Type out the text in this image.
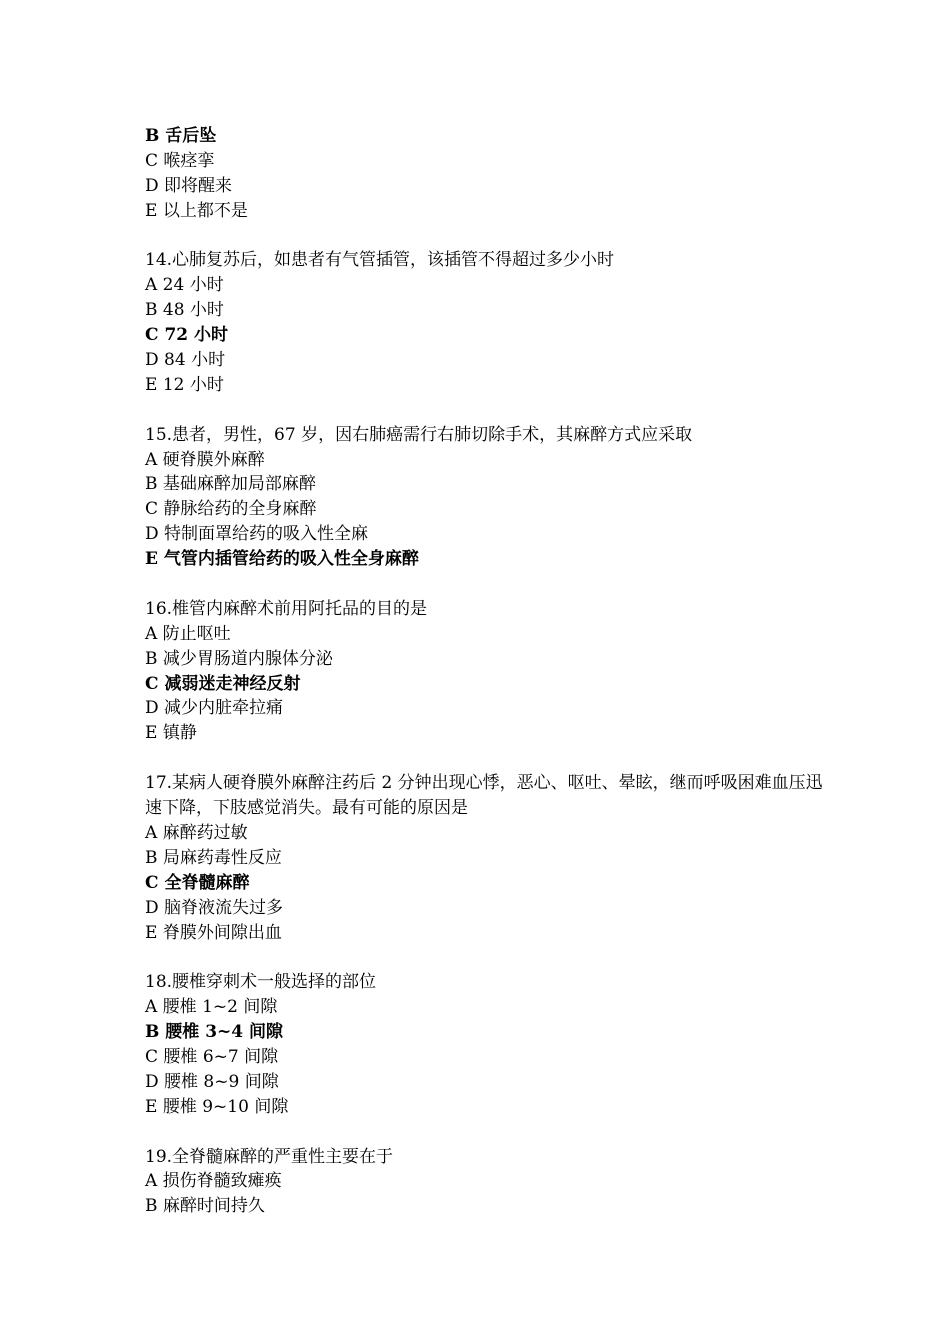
B 舌后坠
C 喉痉挛
D 即将醒来
E 以上都不是
14.心肺复苏后，如患者有气管插管，该插管不得超过多少小时
A 24 小时
B 48 小时
C 72 小时
D 84 小时
E 12 小时
15.患者，男性，67 岁，因右肺癌需行右肺切除手术，其麻醉方式应采取
A 硬脊膜外麻醉
B 基础麻醉加局部麻醉
C 静脉给药的全身麻醉
D 特制面罩给药的吸入性全麻
E 气管内插管给药的吸入性全身麻醉
16.椎管内麻醉术前用阿托品的目的是
A 防止呕吐
B 减少胃肠道内腺体分泌
C 减弱迷走神经反射
D 减少内脏牵拉痛
E 镇静
17.某病人硬脊膜外麻醉注药后 2 分钟出现心悸，恶心、呕吐、晕眩，继而呼吸困难血压迅速下降，下肢感觉消失。最有可能的原因是
A 麻醉药过敏
B 局麻药毒性反应
C 全脊髓麻醉
D 脑脊液流失过多
E 脊膜外间隙出血
18.腰椎穿刺术一般选择的部位
A 腰椎 1~2 间隙
B 腰椎 3~4 间隙
C 腰椎 6~7 间隙
D 腰椎 8~9 间隙
E 腰椎 9~10 间隙
19.全脊髓麻醉的严重性主要在于
A 损伤脊髓致瘫痪
B 麻醉时间持久
